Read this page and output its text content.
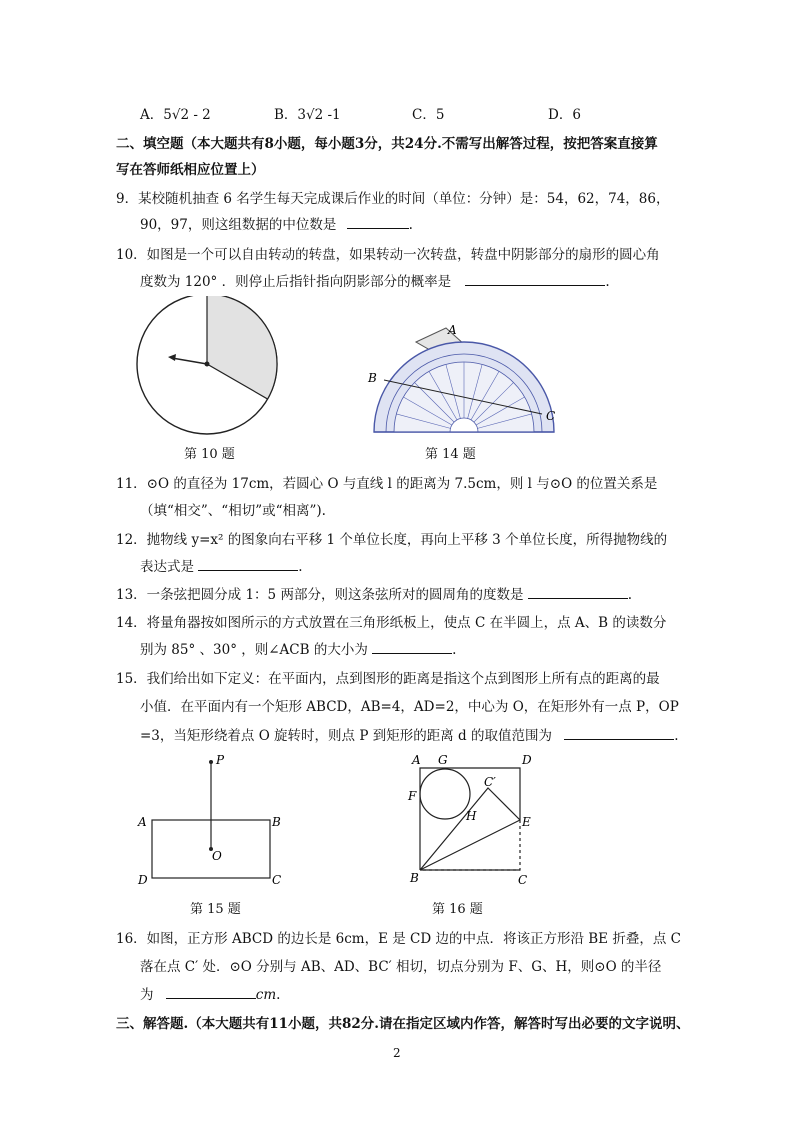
A．5√2 - 2	B．3√2 -1	C．5	D．6
二、填空题（本大题共有8小题，每小题3分，共24分.不需写出解答过程，按把答案直接算
写在答师纸相应位置上）
9．某校随机抽查 6 名学生每天完成课后作业的时间（单位：分钟）是：54，62，74，86，
90，97，则这组数据的中位数是	.
10．如图是一个可以自由转动的转盘，如果转动一次转盘，转盘中阴影部分的扇形的圆心角
度数为 120° ．则停止后指针指向阴影部分的概率是	.
第 10 题
A
B
C
第 14 题
11．⊙O 的直径为 17cm，若圆心 O 与直线 l 的距离为 7.5cm，则 l 与⊙O 的位置关系是
（填“相交”、“相切”或“相离”).
12．抛物线 y=x² 的图象向右平移 1 个单位长度，再向上平移 3 个单位长度，所得抛物线的
表达式是	.
13．一条弦把圆分成 1：5 两部分，则这条弦所对的圆周角的度数是	.
14．将量角器按如图所示的方式放置在三角形纸板上，使点 C 在半圆上，点 A、B 的读数分
别为 85° 、30° ，则∠ACB 的大小为	.
15．我们给出如下定义：在平面内，点到图形的距离是指这个点到图形上所有点的距离的最
小值．在平面内有一个矩形 ABCD，AB=4，AD=2，中心为 O，在矩形外有一点 P，OP
=3，当矩形绕着点 O 旋转时，则点 P 到矩形的距离 d 的取值范围为	.
P
A	B
D	C
O
第 15 题
A G	D
C′
F
H	E
B	C
第 16 题
16．如图，正方形 ABCD 的边长是 6cm，E 是 CD 边的中点．将该正方形沿 BE 折叠，点 C
落在点 C′ 处．⊙O 分别与 AB、AD、BC′ 相切，切点分别为 F、G、H，则⊙O 的半径
为	cm.
三、解答题.（本大题共有11小题，共82分.请在指定区域内作答，解答时写出必要的文字说明、
2
